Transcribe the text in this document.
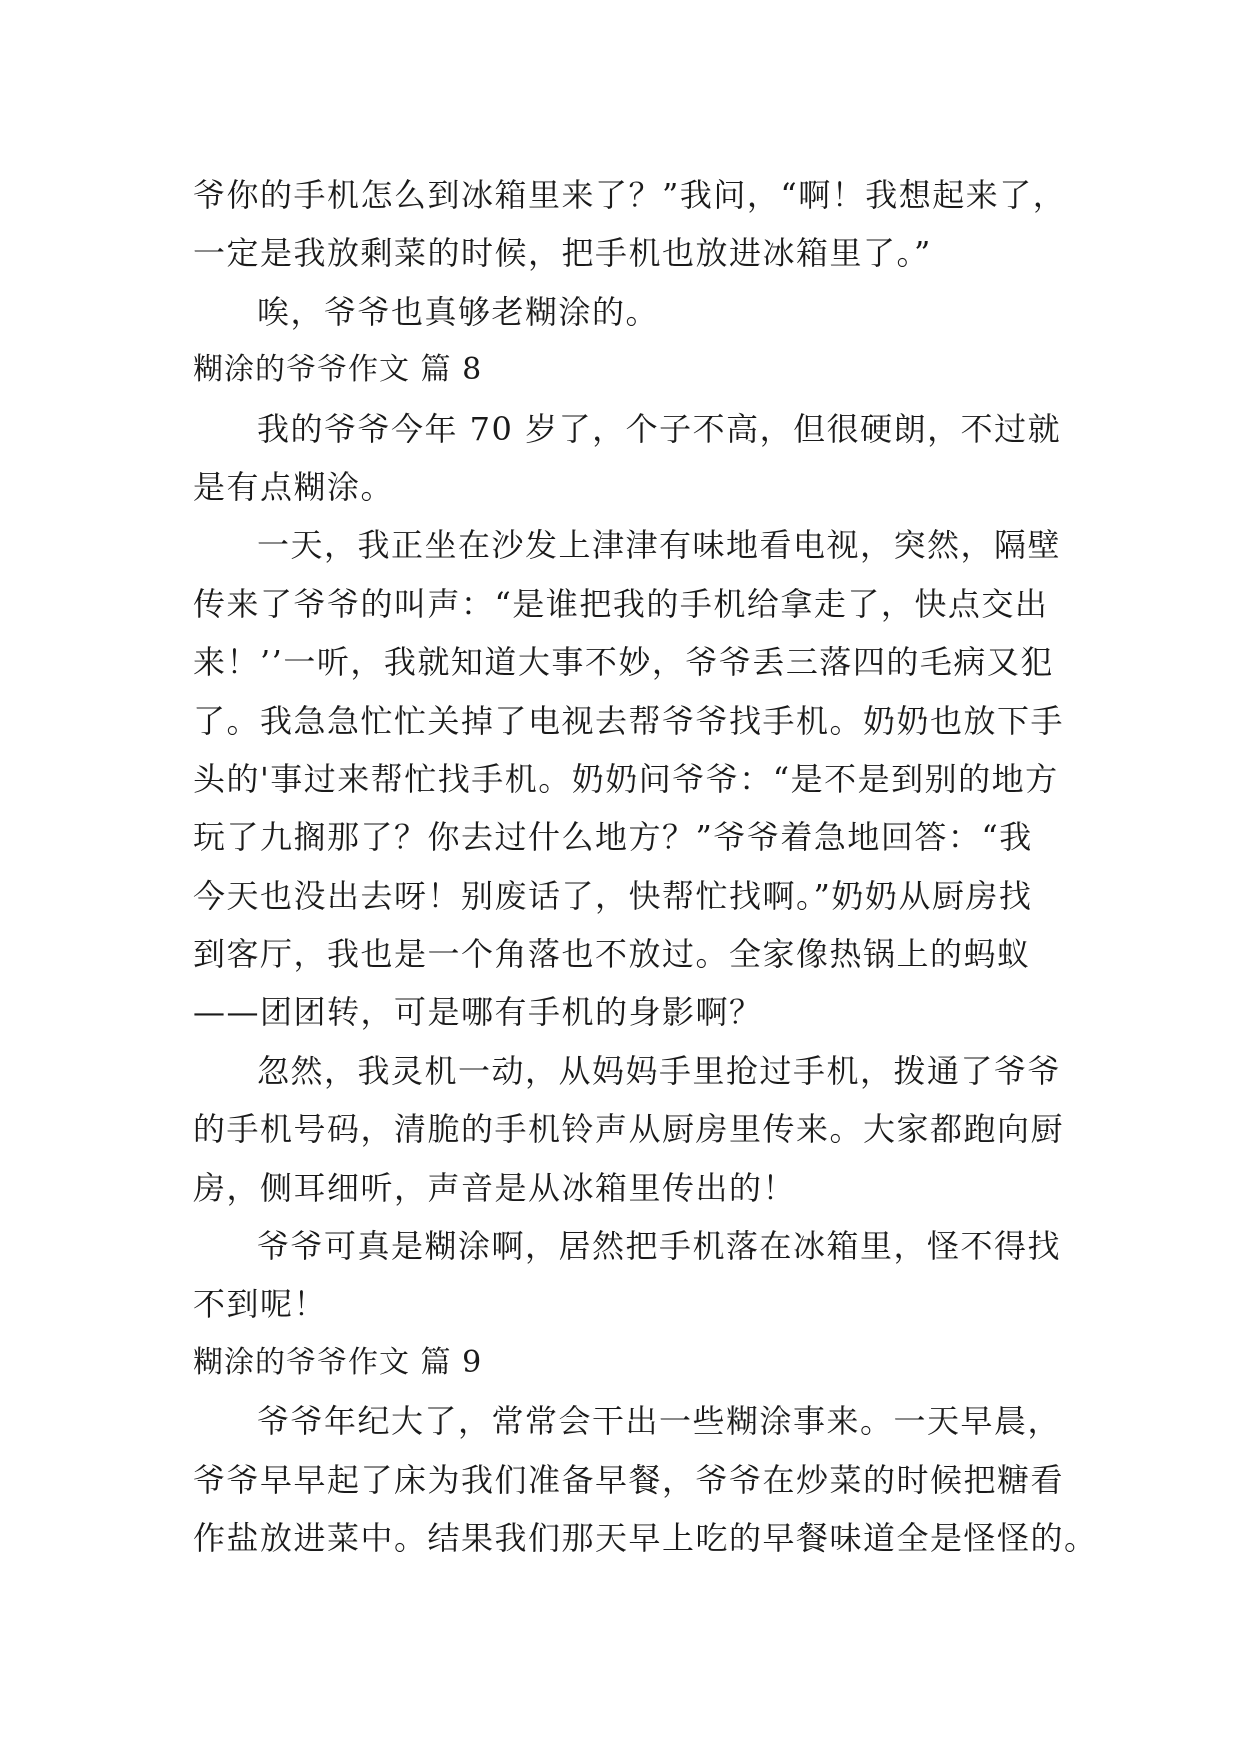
爷你的手机怎么到冰箱里来了？”我问，“啊！我想起来了，
一定是我放剩菜的时候，把手机也放进冰箱里了。”
唉，爷爷也真够老糊涂的。
糊涂的爷爷作文 篇 8
我的爷爷今年 70 岁了，个子不高，但很硬朗，不过就
是有点糊涂。
一天，我正坐在沙发上津津有味地看电视，突然，隔壁
传来了爷爷的叫声：“是谁把我的手机给拿走了，快点交出
来！’’一听，我就知道大事不妙，爷爷丢三落四的毛病又犯
了。我急急忙忙关掉了电视去帮爷爷找手机。奶奶也放下手
头的'事过来帮忙找手机。奶奶问爷爷：“是不是到别的地方
玩了九搁那了？你去过什么地方？”爷爷着急地回答：“我
今天也没出去呀！别废话了，快帮忙找啊。”奶奶从厨房找
到客厅，我也是一个角落也不放过。全家像热锅上的蚂蚁
——团团转，可是哪有手机的身影啊？
忽然，我灵机一动，从妈妈手里抢过手机，拨通了爷爷
的手机号码，清脆的手机铃声从厨房里传来。大家都跑向厨
房，侧耳细听，声音是从冰箱里传出的！
爷爷可真是糊涂啊，居然把手机落在冰箱里，怪不得找
不到呢！
糊涂的爷爷作文 篇 9
爷爷年纪大了，常常会干出一些糊涂事来。一天早晨，
爷爷早早起了床为我们准备早餐，爷爷在炒菜的时候把糖看
作盐放进菜中。结果我们那天早上吃的早餐味道全是怪怪的。
